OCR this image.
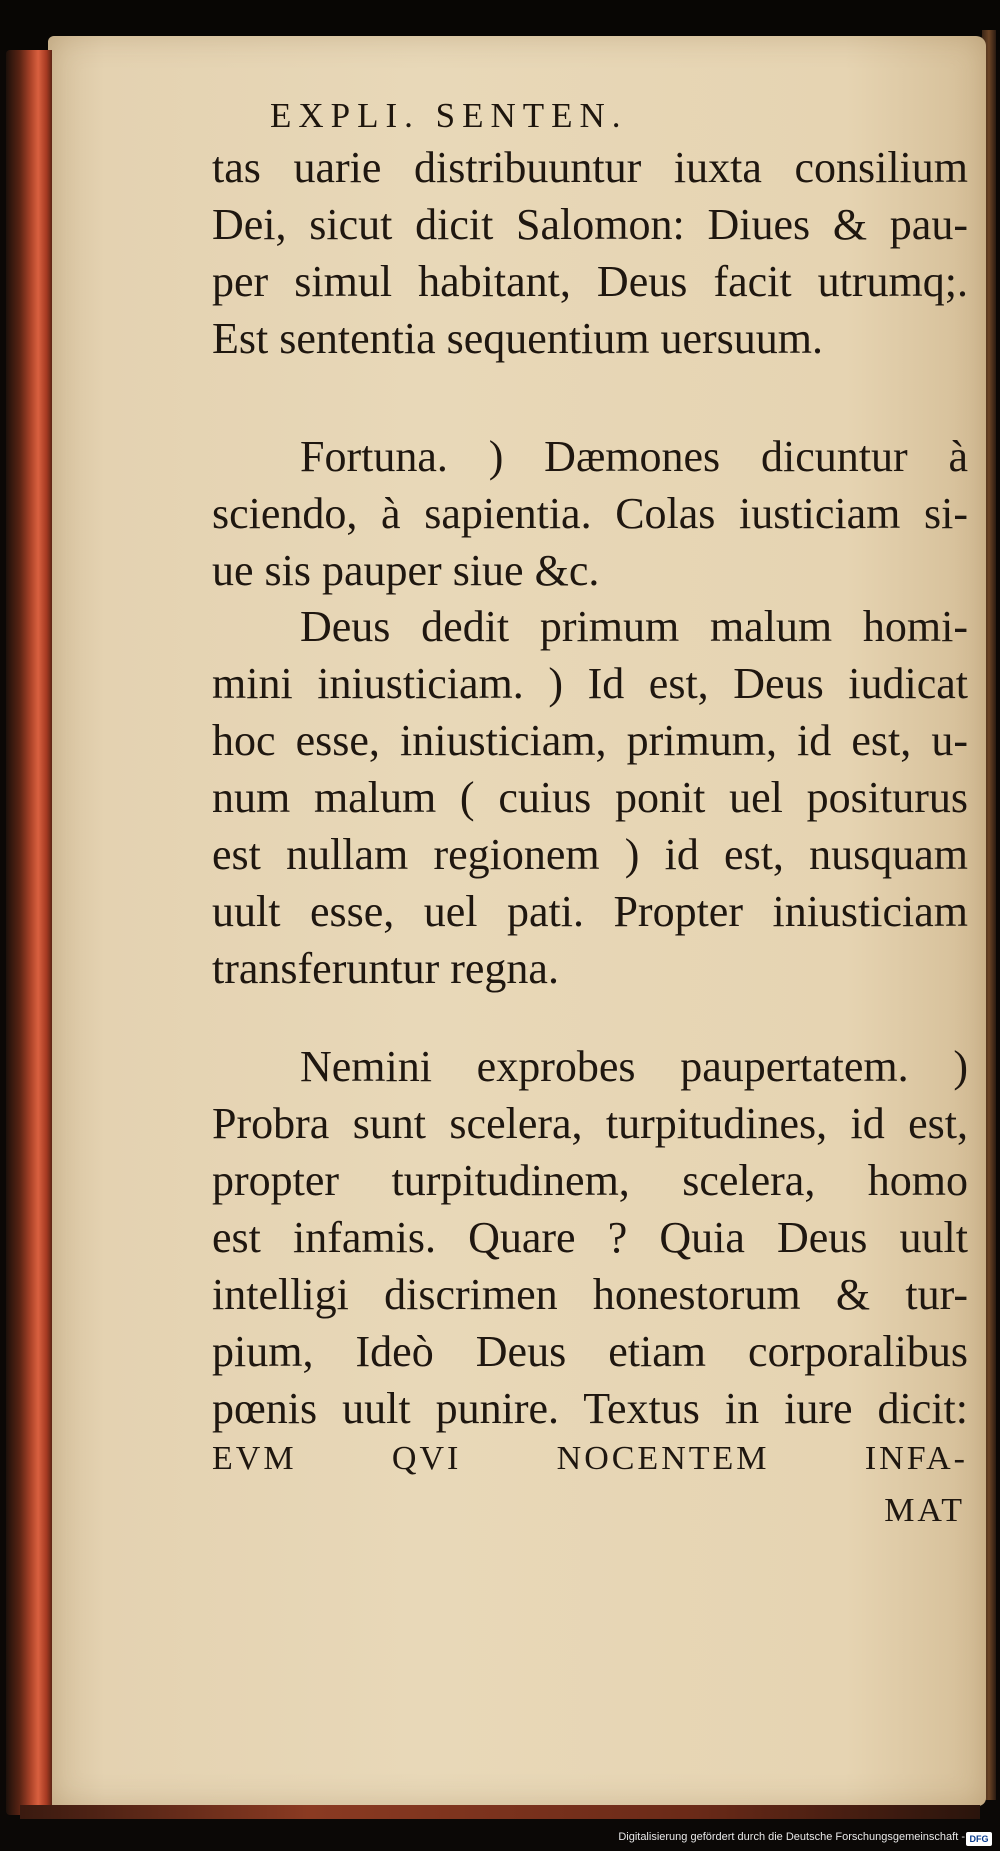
EXPLI. SENTEN.
tas uarie distribuuntur iuxta consilium
Dei, sicut dicit Salomon: Diues & pau-
per simul habitant, Deus facit utrumq;.
Est sententia sequentium uersuum.
Fortuna. ) Dæmones dicuntur à
sciendo, à sapientia. Colas iusticiam si-
ue sis pauper siue &c.
Deus dedit primum malum homi-
mini iniusticiam. ) Id est, Deus iudicat
hoc esse, iniusticiam, primum, id est, u-
num malum ( cuius ponit uel positurus
est nullam regionem ) id est, nusquam
uult esse, uel pati. Propter iniusticiam
transferuntur regna.
Nemini exprobes paupertatem. )
Probra sunt scelera, turpitudines, id est,
propter turpitudinem, scelera, homo
est infamis. Quare ? Quia Deus uult
intelligi discrimen honestorum & tur-
pium, Ideò Deus etiam corporalibus
pœnis uult punire. Textus in iure dicit:
EVM QVI NOCENTEM INFA-
MAT
Digitalisierung gefördert durch die Deutsche Forschungsgemeinschaft - DFG
